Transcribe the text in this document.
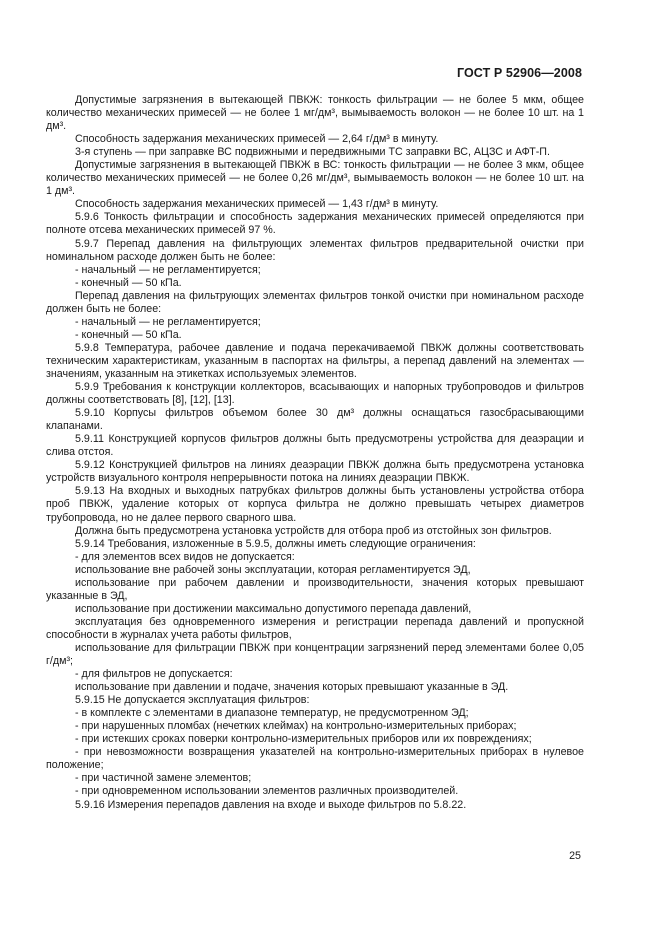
ГОСТ Р 52906—2008
Допустимые загрязнения в вытекающей ПВКЖ: тонкость фильтрации — не более 5 мкм, общее количество механических примесей — не более 1 мг/дм³, вымываемость волокон — не более 10 шт. на 1 дм³.
Способность задержания механических примесей — 2,64 г/дм³ в минуту.
3-я ступень — при заправке ВС подвижными и передвижными ТС заправки ВС, АЦЗС и АФТ-П.
Допустимые загрязнения в вытекающей ПВКЖ в ВС: тонкость фильтрации — не более 3 мкм, общее количество механических примесей — не более 0,26 мг/дм³, вымываемость волокон — не более 10 шт. на 1 дм³.
Способность задержания механических примесей — 1,43 г/дм³ в минуту.
5.9.6 Тонкость фильтрации и способность задержания механических примесей определяются при полноте отсева механических примесей 97 %.
5.9.7 Перепад давления на фильтрующих элементах фильтров предварительной очистки при номинальном расходе должен быть не более:
- начальный — не регламентируется;
- конечный — 50 кПа.
Перепад давления на фильтрующих элементах фильтров тонкой очистки при номинальном расходе должен быть не более:
- начальный — не регламентируется;
- конечный — 50 кПа.
5.9.8 Температура, рабочее давление и подача перекачиваемой ПВКЖ должны соответствовать техническим характеристикам, указанным в паспортах на фильтры, а перепад давлений на элементах — значениям, указанным на этикетках используемых элементов.
5.9.9 Требования к конструкции коллекторов, всасывающих и напорных трубопроводов и фильтров должны соответствовать [8], [12], [13].
5.9.10 Корпусы фильтров объемом более 30 дм³ должны оснащаться газосбрасывающими клапанами.
5.9.11 Конструкцией корпусов фильтров должны быть предусмотрены устройства для деаэрации и слива отстоя.
5.9.12 Конструкцией фильтров на линиях деаэрации ПВКЖ должна быть предусмотрена установка устройств визуального контроля непрерывности потока на линиях деаэрации ПВКЖ.
5.9.13 На входных и выходных патрубках фильтров должны быть установлены устройства отбора проб ПВКЖ, удаление которых от корпуса фильтра не должно превышать четырех диаметров трубопровода, но не далее первого сварного шва.
Должна быть предусмотрена установка устройств для отбора проб из отстойных зон фильтров.
5.9.14 Требования, изложенные в 5.9.5, должны иметь следующие ограничения:
- для элементов всех видов не допускается:
использование вне рабочей зоны эксплуатации, которая регламентируется ЭД,
использование при рабочем давлении и производительности, значения которых превышают указанные в ЭД,
использование при достижении максимально допустимого перепада давлений,
эксплуатация без одновременного измерения и регистрации перепада давлений и пропускной способности в журналах учета работы фильтров,
использование для фильтрации ПВКЖ при концентрации загрязнений перед элементами более 0,05 г/дм³;
- для фильтров не допускается:
использование при давлении и подаче, значения которых превышают указанные в ЭД.
5.9.15 Не допускается эксплуатация фильтров:
- в комплекте с элементами в диапазоне температур, не предусмотренном ЭД;
- при нарушенных пломбах (нечетких клеймах) на контрольно-измерительных приборах;
- при истекших сроках поверки контрольно-измерительных приборов или их повреждениях;
- при невозможности возвращения указателей на контрольно-измерительных приборах в нулевое положение;
- при частичной замене элементов;
- при одновременном использовании элементов различных производителей.
5.9.16 Измерения перепадов давления на входе и выходе фильтров по 5.8.22.
25
